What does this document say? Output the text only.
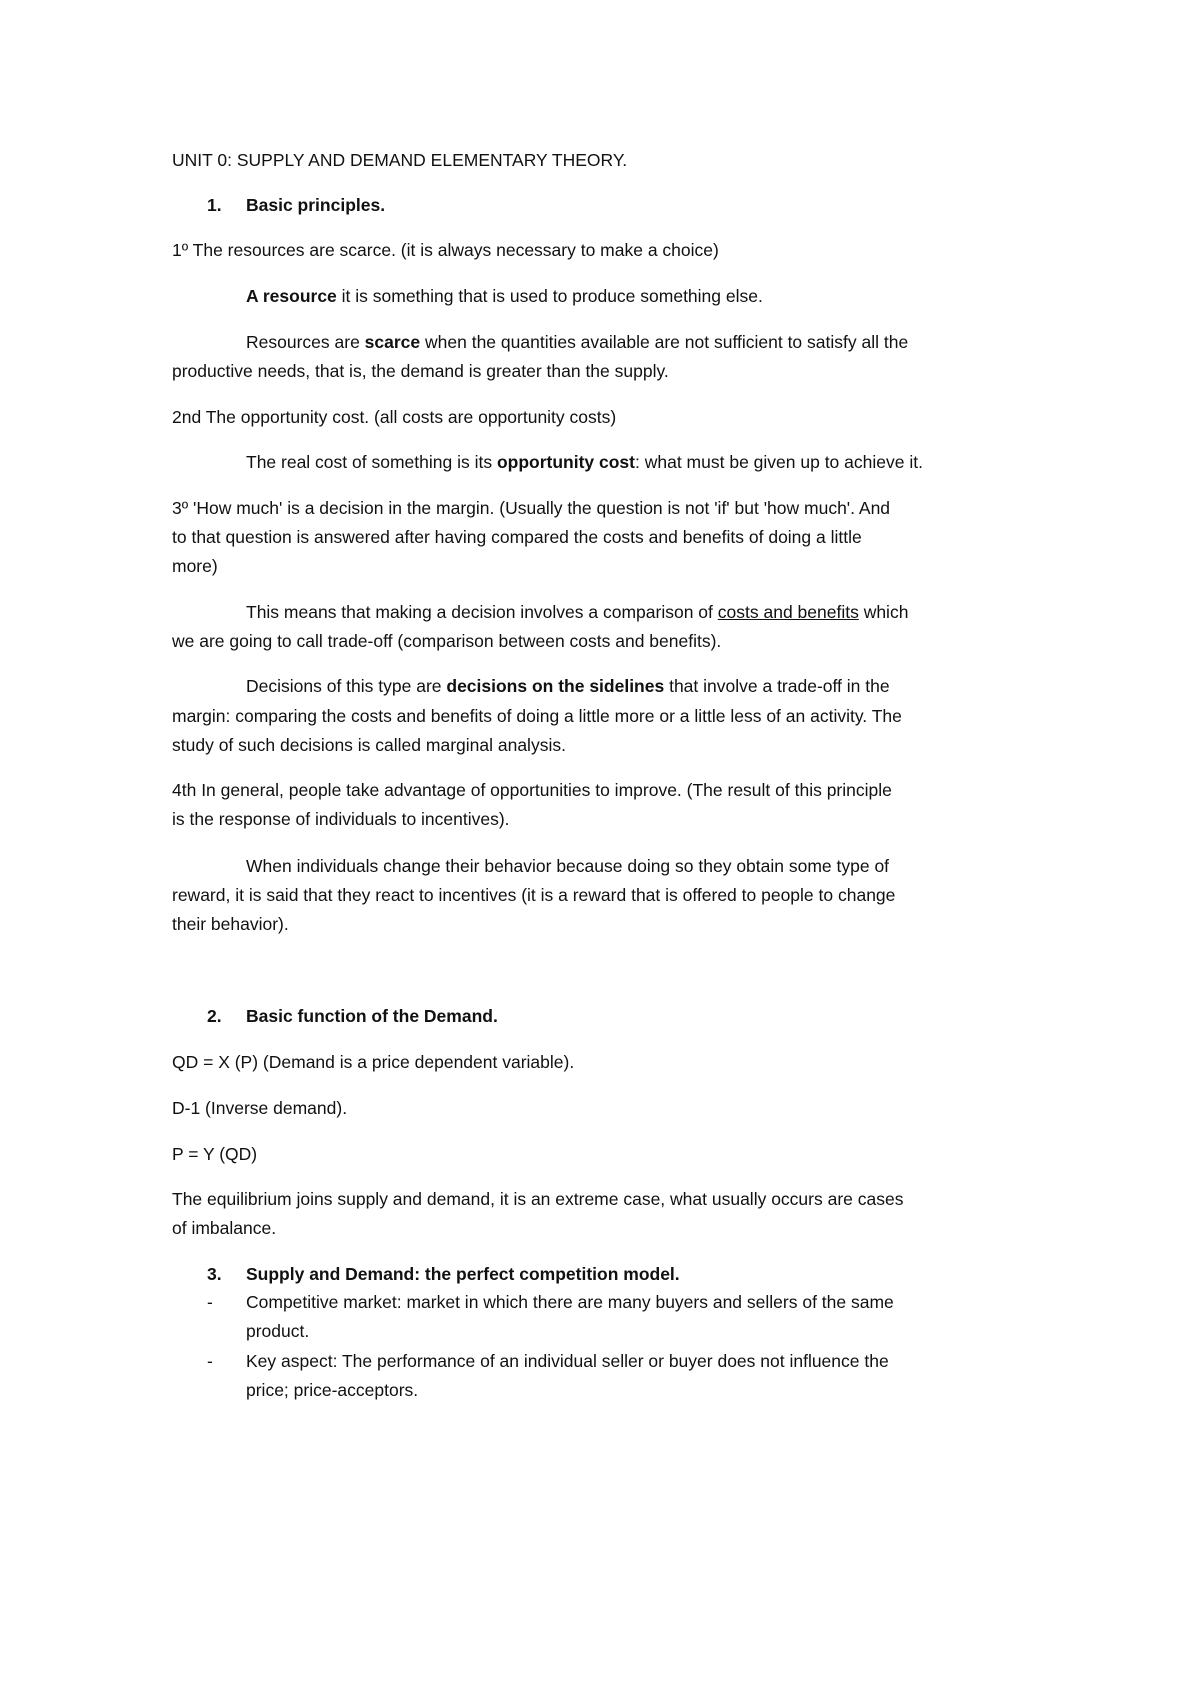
UNIT 0: SUPPLY AND DEMAND ELEMENTARY THEORY.
1. Basic principles.
1º The resources are scarce. (it is always necessary to make a choice)
A resource it is something that is used to produce something else.
Resources are scarce when the quantities available are not sufficient to satisfy all the
productive needs, that is, the demand is greater than the supply.
2nd The opportunity cost. (all costs are opportunity costs)
The real cost of something is its opportunity cost: what must be given up to achieve it.
3º 'How much' is a decision in the margin. (Usually the question is not 'if' but 'how much'. And
to that question is answered after having compared the costs and benefits of doing a little
more)
This means that making a decision involves a comparison of costs and benefits which
we are going to call trade-off (comparison between costs and benefits).
Decisions of this type are decisions on the sidelines that involve a trade-off in the
margin: comparing the costs and benefits of doing a little more or a little less of an activity. The
study of such decisions is called marginal analysis.
4th In general, people take advantage of opportunities to improve. (The result of this principle
is the response of individuals to incentives).
When individuals change their behavior because doing so they obtain some type of
reward, it is said that they react to incentives (it is a reward that is offered to people to change
their behavior).
2. Basic function of the Demand.
QD = X (P) (Demand is a price dependent variable).
D-1 (Inverse demand).
P = Y (QD)
The equilibrium joins supply and demand, it is an extreme case, what usually occurs are cases
of imbalance.
3. Supply and Demand: the perfect competition model.
- Competitive market: market in which there are many buyers and sellers of the same
product.
- Key aspect: The performance of an individual seller or buyer does not influence the
price; price-acceptors.
